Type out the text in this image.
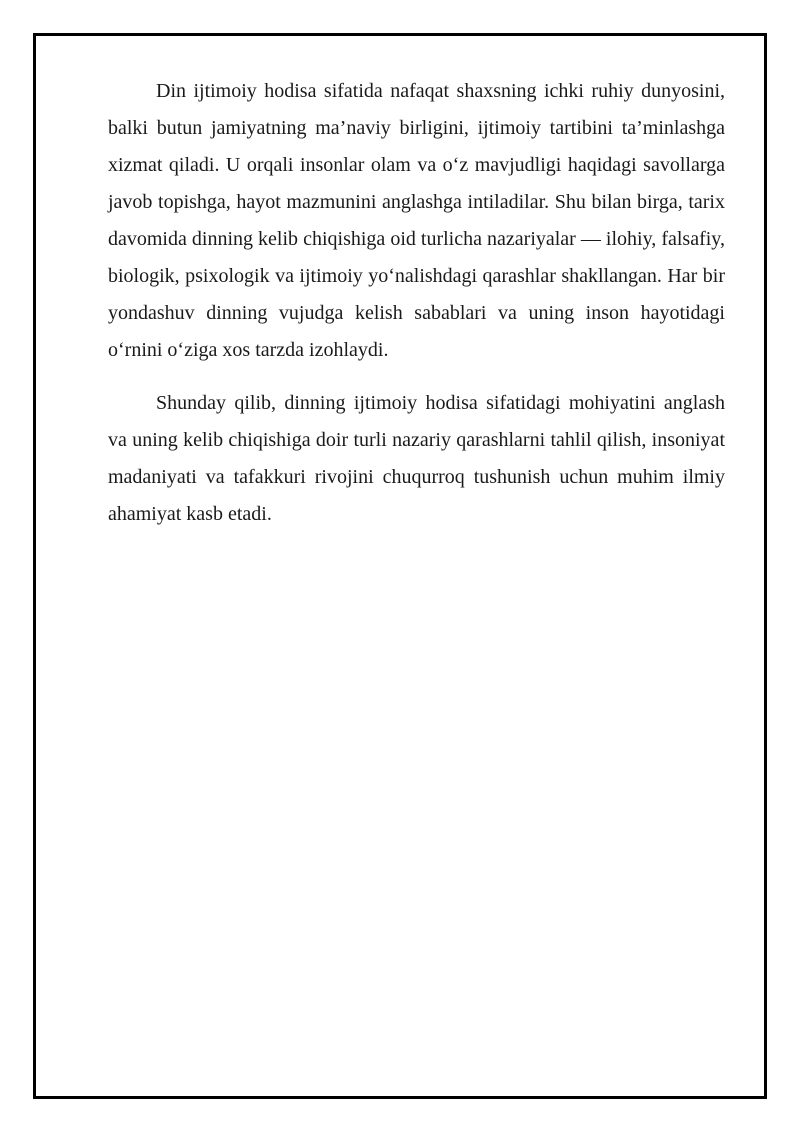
Din ijtimoiy hodisa sifatida nafaqat shaxsning ichki ruhiy dunyosini, balki butun jamiyatning ma’naviy birligini, ijtimoiy tartibini ta’minlashga xizmat qiladi. U orqali insonlar olam va o‘z mavjudligi haqidagi savollarga javob topishga, hayot mazmunini anglashga intiladilar. Shu bilan birga, tarix davomida dinning kelib chiqishiga oid turlicha nazariyalar — ilohiy, falsafiy, biologik, psixologik va ijtimoiy yo‘nalishdagi qarashlar shakllangan. Har bir yondashuv dinning vujudga kelish sabablari va uning inson hayotidagi o‘rnini o‘ziga xos tarzda izohlaydi.

Shunday qilib, dinning ijtimoiy hodisa sifatidagi mohiyatini anglash va uning kelib chiqishiga doir turli nazariy qarashlarni tahlil qilish, insoniyat madaniyati va tafakkuri rivojini chuqurroq tushunish uchun muhim ilmiy ahamiyat kasb etadi.
